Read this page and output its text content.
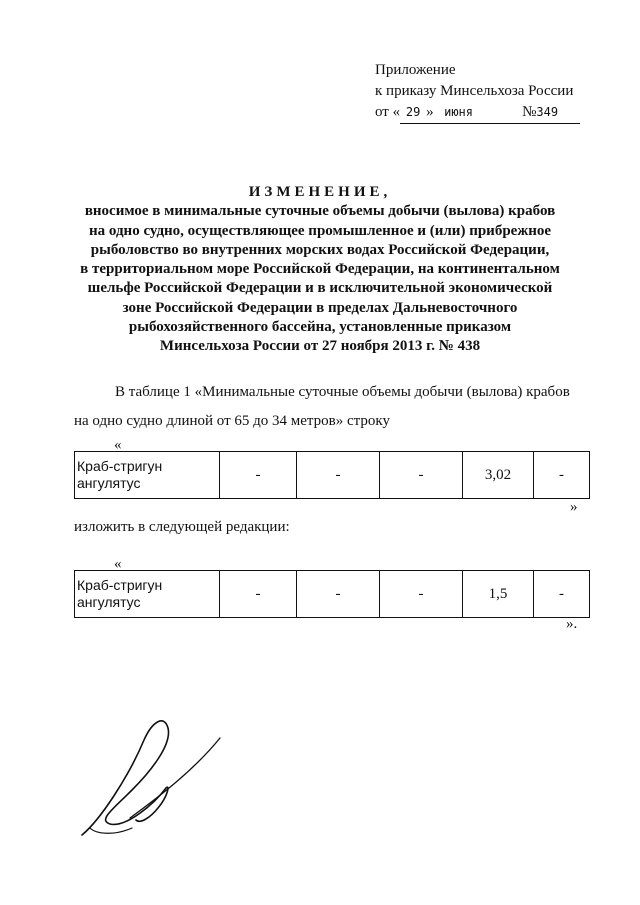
Приложение
к приказу Минсельхоза России
от « 29 » июня	№349
ИЗМЕНЕНИЕ,
вносимое в минимальные суточные объемы добычи (вылова) крабов
на одно судно, осуществляющее промышленное и (или) прибрежное
рыболовство во внутренних морских водах Российской Федерации,
в территориальном море Российской Федерации, на континентальном
шельфе Российской Федерации и в исключительной экономической
зоне Российской Федерации в пределах Дальневосточного
рыбохозяйственного бассейна, установленные приказом
Минсельхоза России от 27 ноября 2013 г. № 438
В таблице 1 «Минимальные суточные объемы добычи (вылова) крабов
на одно судно длиной от 65 до 34 метров» строку
«
Краб-стригун
ангулятус
	-	-	-	3,02	-
»
изложить в следующей редакции:
«
Краб-стригун
ангулятус
	-	-	-	1,5	-
».
